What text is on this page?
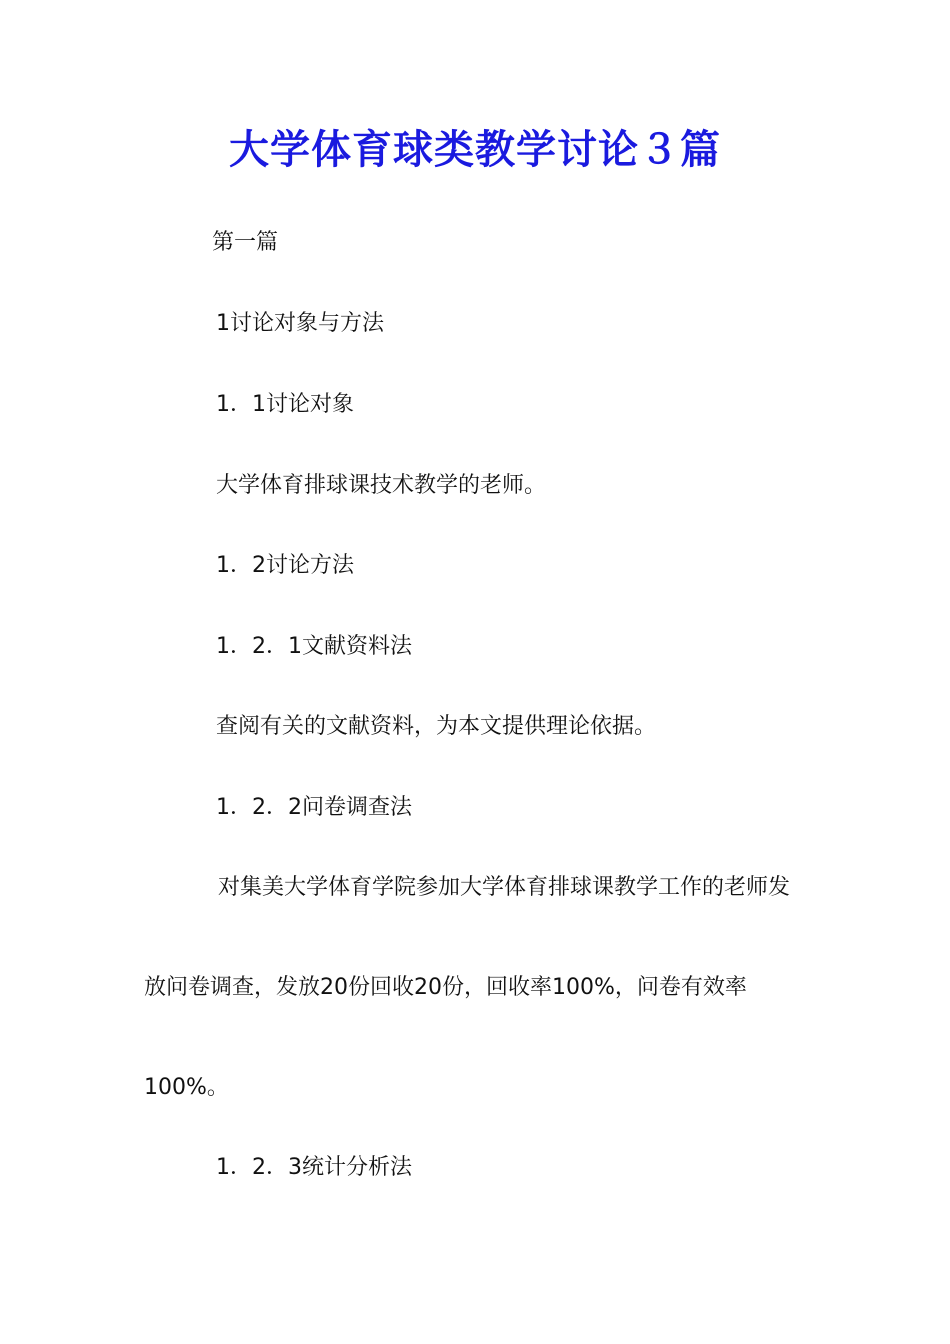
大学体育球类教学讨论３篇

第一篇

1讨论对象与方法

1．1讨论对象

大学体育排球课技术教学的老师。

1．2讨论方法

1．2．1文献资料法

查阅有关的文献资料，为本文提供理论依据。

1．2．2问卷调查法

对集美大学体育学院参加大学体育排球课教学工作的老师发

放问卷调查，发放20份回收20份，回收率100%，问卷有效率

100%。

1．2．3统计分析法
